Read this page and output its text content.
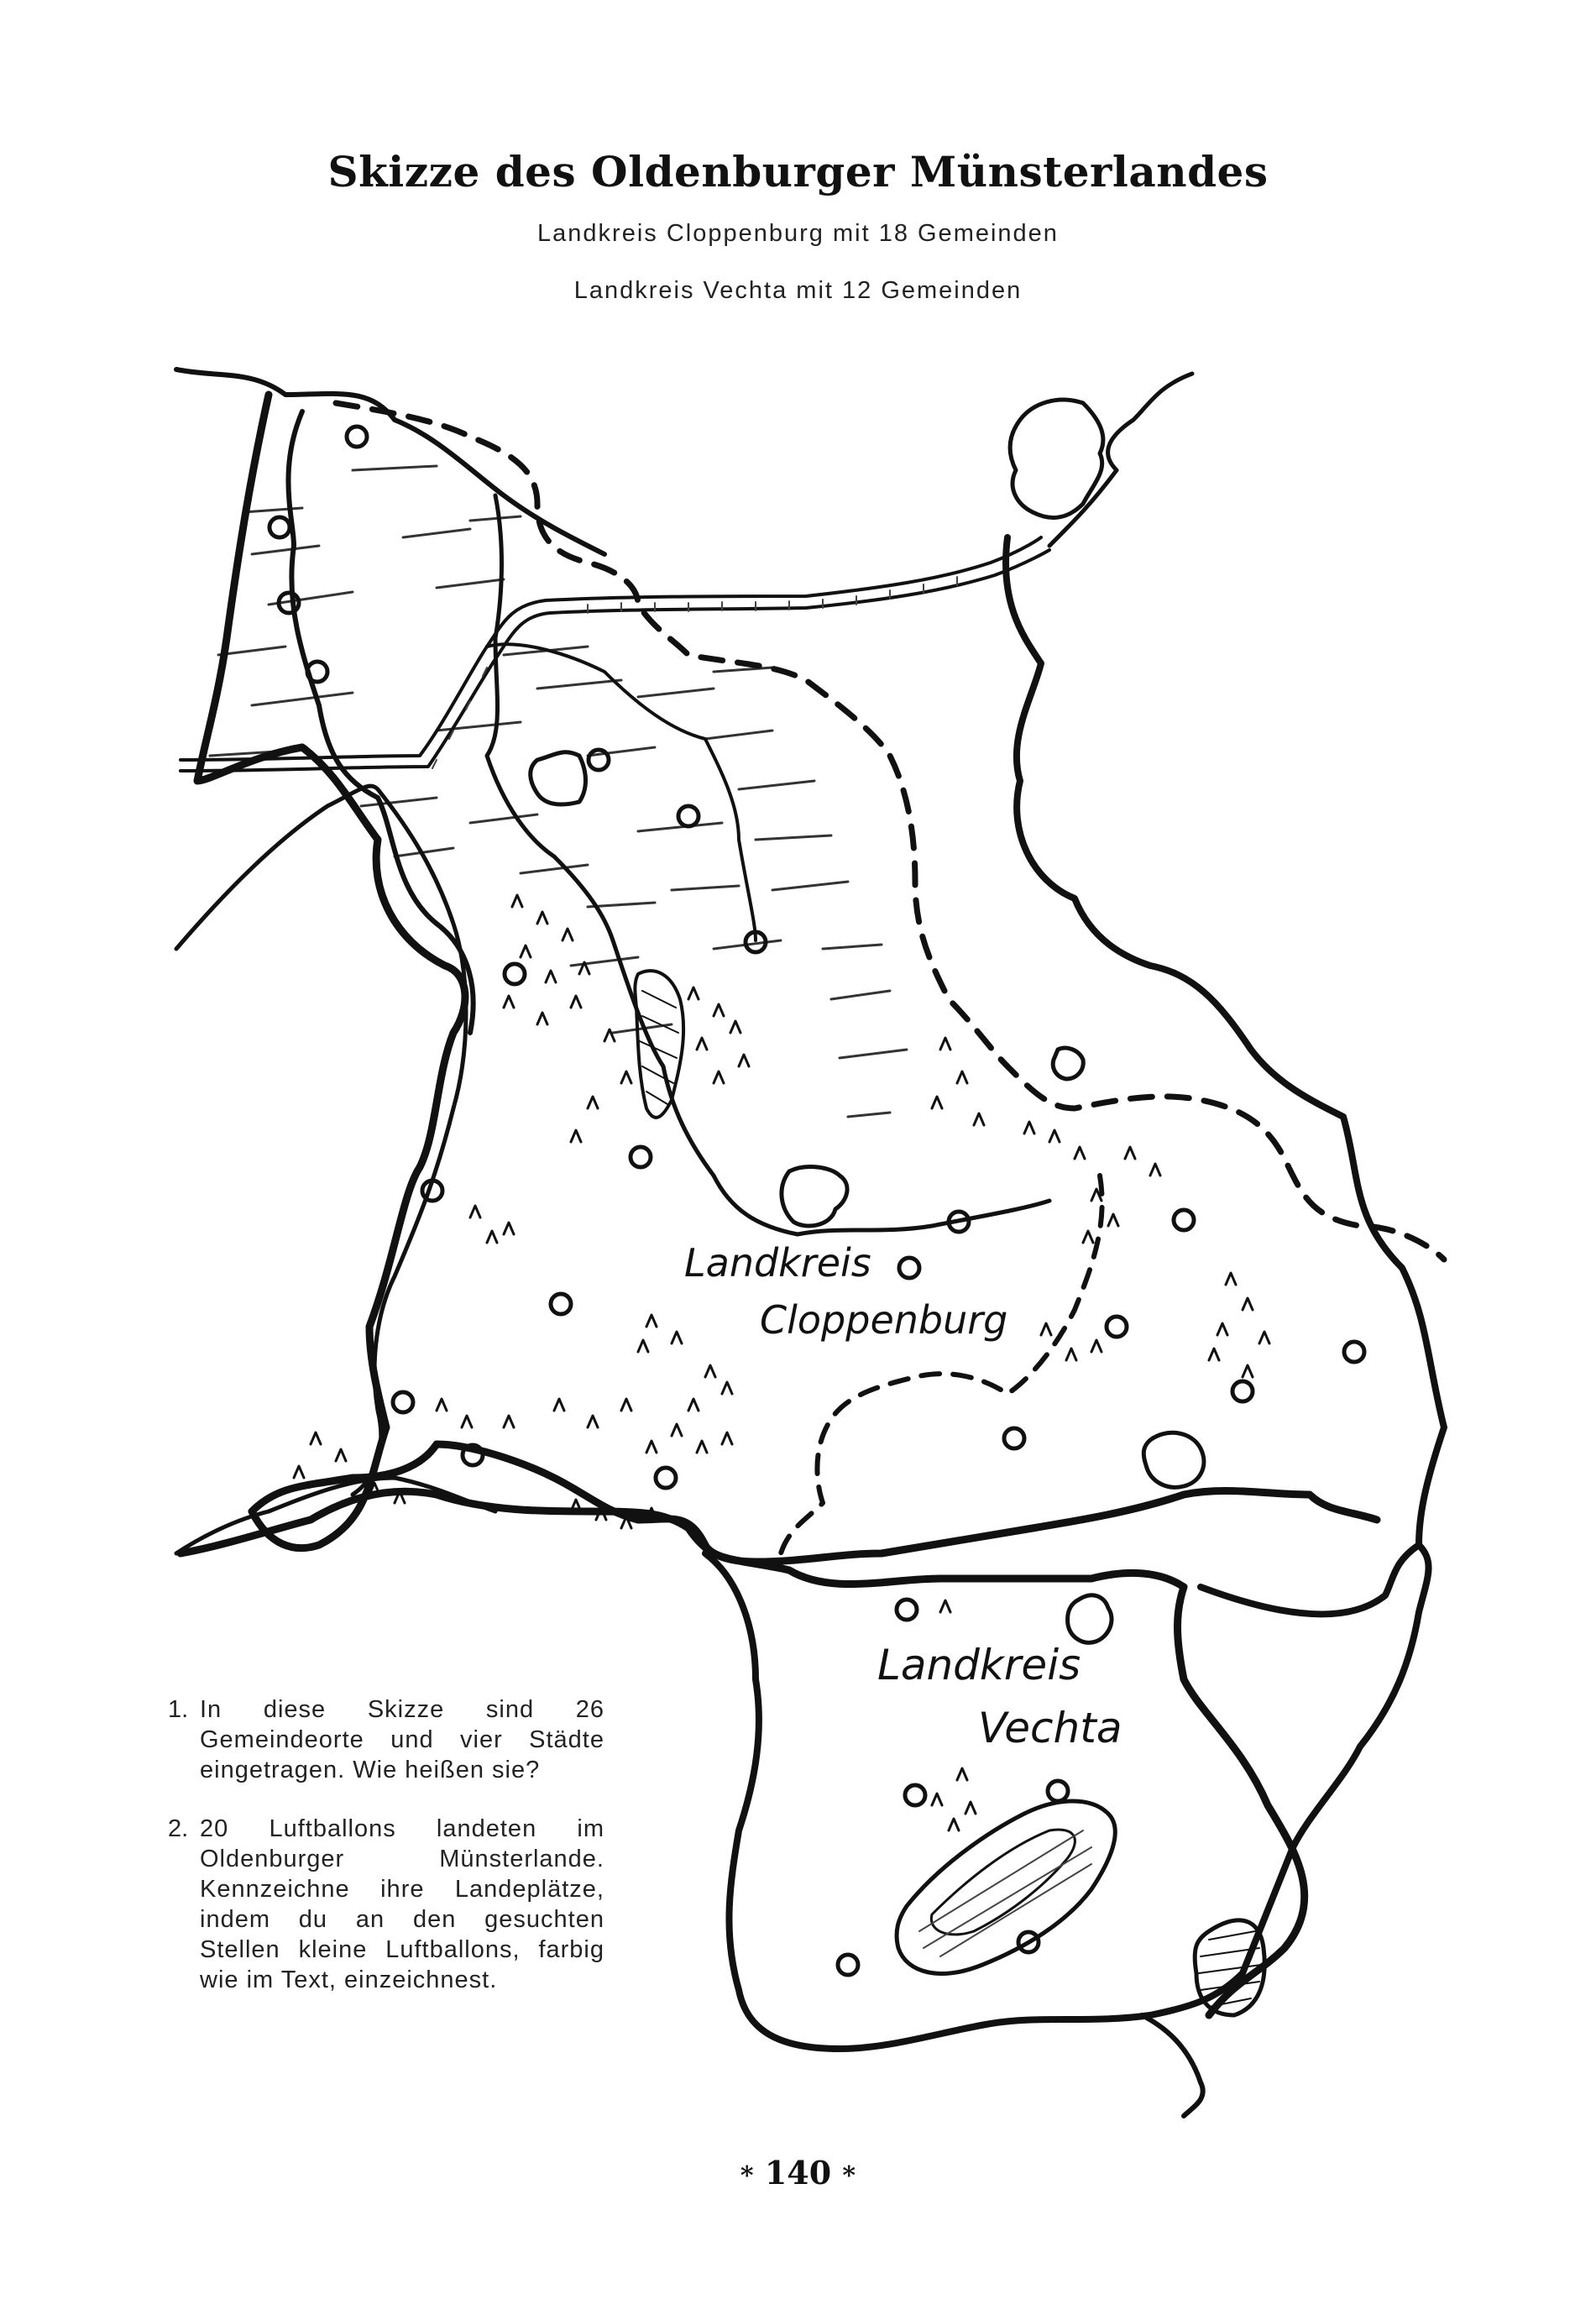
Skizze des Oldenburger Münsterlandes
Landkreis Cloppenburg mit 18 Gemeinden
Landkreis Vechta mit 12 Gemeinden
Landkreis
Cloppenburg
Landkreis
Vechta
1. In diese Skizze sind 26 Gemeindeorte und vier Städte eingetragen. Wie heißen sie?
2. 20 Luftballons landeten im Oldenburger Münsterlande. Kennzeichne ihre Landeplätze, indem du an den gesuchten Stellen kleine Luftballons, farbig wie im Text, einzeichnest.
* 140 *
